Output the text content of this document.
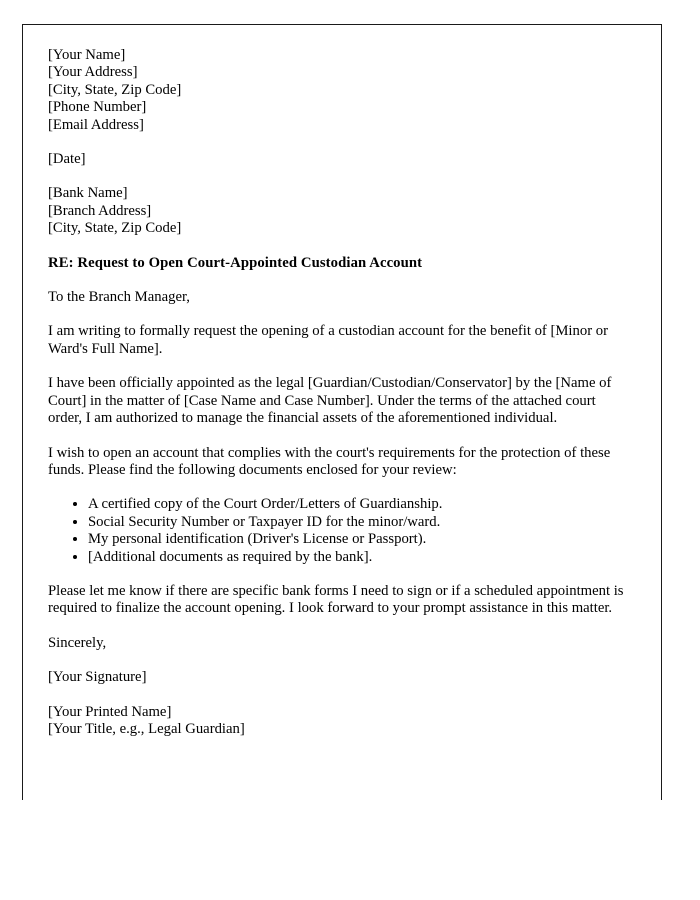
[Your Name]
[Your Address]
[City, State, Zip Code]
[Phone Number]
[Email Address]
[Date]
[Bank Name]
[Branch Address]
[City, State, Zip Code]
RE: Request to Open Court-Appointed Custodian Account
To the Branch Manager,

I am writing to formally request the opening of a custodian account for the benefit of [Minor or Ward's Full Name].

I have been officially appointed as the legal [Guardian/Custodian/Conservator] by the [Name of Court] in the matter of [Case Name and Case Number]. Under the terms of the attached court order, I am authorized to manage the financial assets of the aforementioned individual.

I wish to open an account that complies with the court's requirements for the protection of these funds. Please find the following documents enclosed for your review:

• A certified copy of the Court Order/Letters of Guardianship.
• Social Security Number or Taxpayer ID for the minor/ward.
• My personal identification (Driver's License or Passport).
• [Additional documents as required by the bank].

Please let me know if there are specific bank forms I need to sign or if a scheduled appointment is required to finalize the account opening. I look forward to your prompt assistance in this matter.

Sincerely,
[Your Signature]
[Your Printed Name]
[Your Title, e.g., Legal Guardian]
